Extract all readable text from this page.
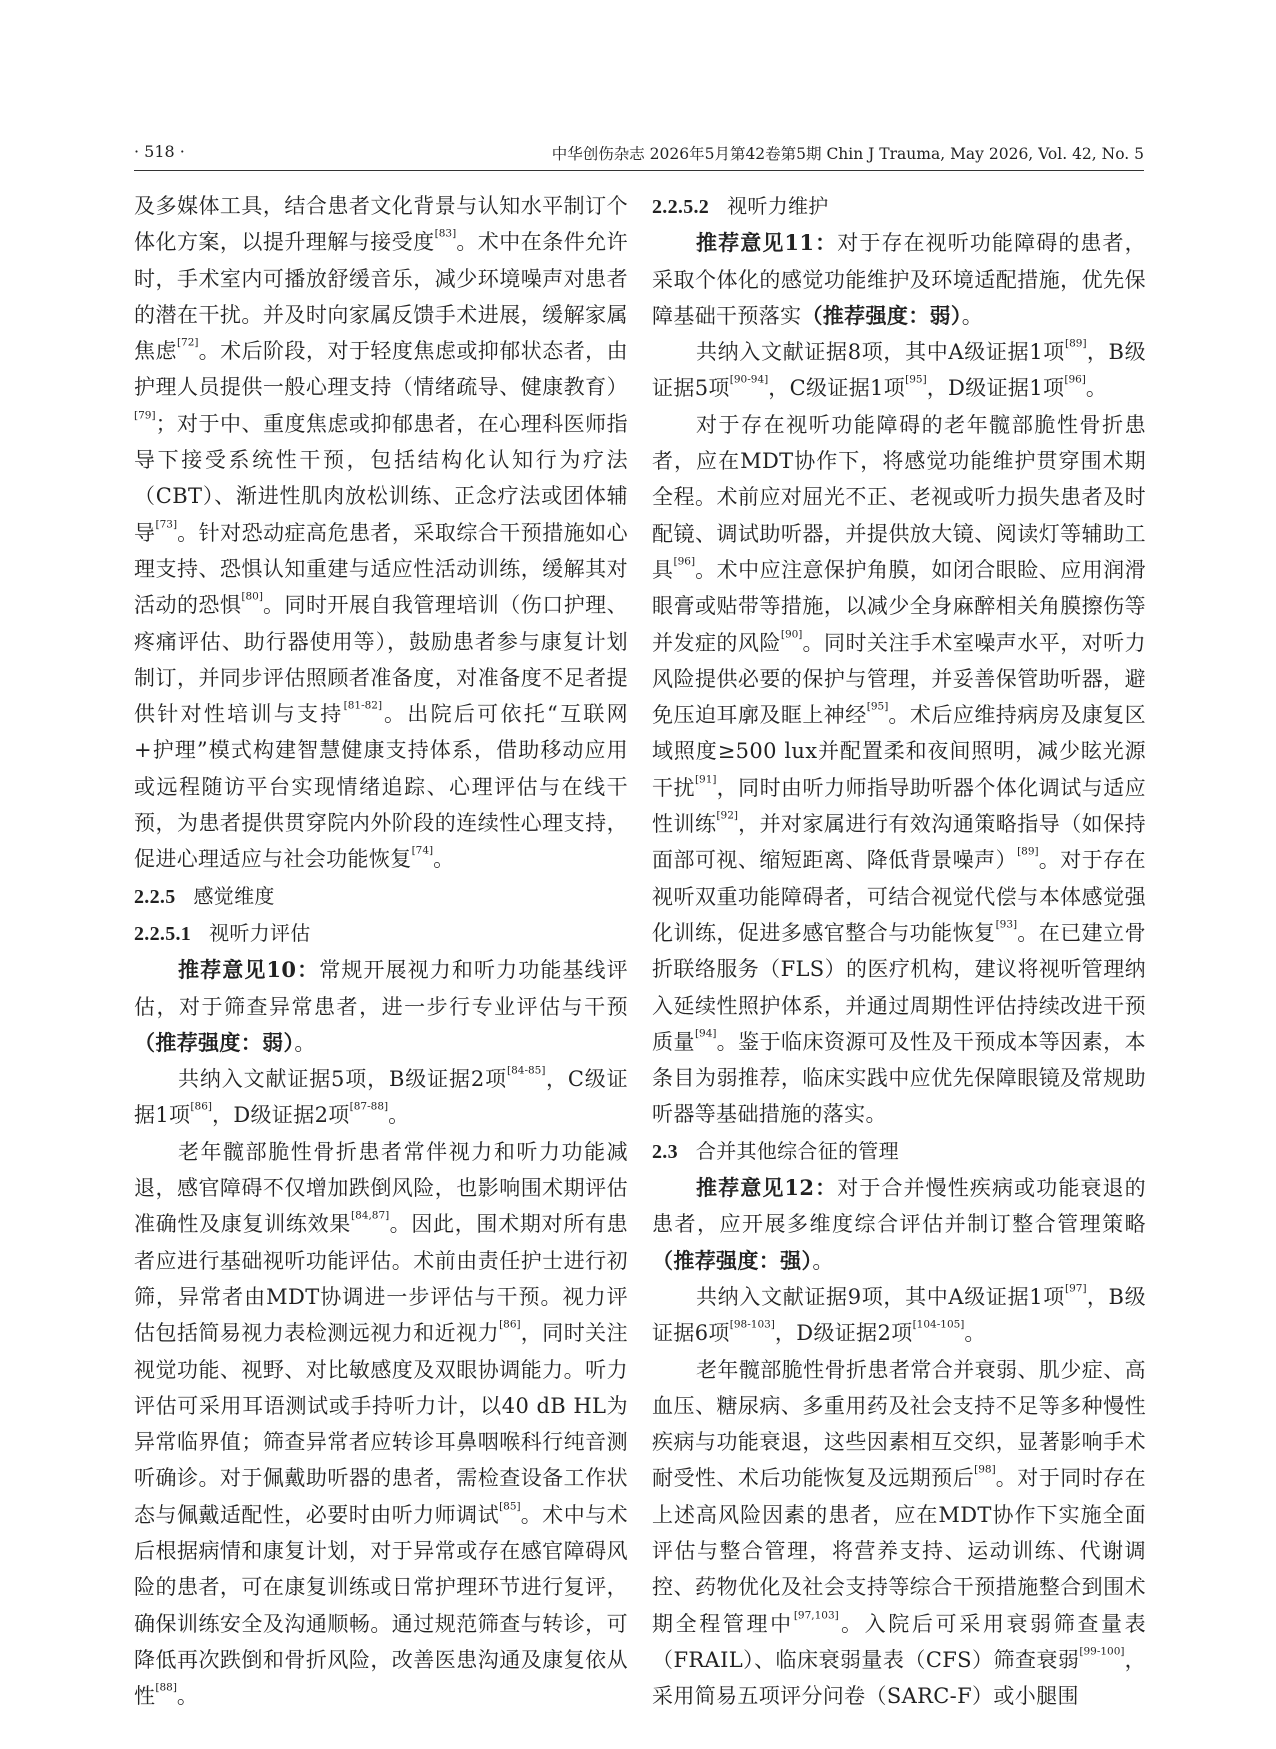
· 518 ·	中华创伤杂志 2026年5月第42卷第5期 Chin J Trauma, May 2026, Vol. 42, No. 5

及多媒体工具，结合患者文化背景与认知水平制订个体化方案，以提升理解与接受度[83]。术中在条件允许时，手术室内可播放舒缓音乐，减少环境噪声对患者的潜在干扰。并及时向家属反馈手术进展，缓解家属焦虑[72]。术后阶段，对于轻度焦虑或抑郁状态者，由护理人员提供一般心理支持（情绪疏导、健康教育）[79]；对于中、重度焦虑或抑郁患者，在心理科医师指导下接受系统性干预，包括结构化认知行为疗法（CBT）、渐进性肌肉放松训练、正念疗法或团体辅导[73]。针对恐动症高危患者，采取综合干预措施如心理支持、恐惧认知重建与适应性活动训练，缓解其对活动的恐惧[80]。同时开展自我管理培训（伤口护理、疼痛评估、助行器使用等），鼓励患者参与康复计划制订，并同步评估照顾者准备度，对准备度不足者提供针对性培训与支持[81-82]。出院后可依托“互联网+护理”模式构建智慧健康支持体系，借助移动应用或远程随访平台实现情绪追踪、心理评估与在线干预，为患者提供贯穿院内外阶段的连续性心理支持，促进心理适应与社会功能恢复[74]。

2.2.5 感觉维度
2.2.5.1 视听力评估

推荐意见10：常规开展视力和听力功能基线评估，对于筛查异常患者，进一步行专业评估与干预（推荐强度：弱）。

共纳入文献证据5项，B级证据2项[84-85]，C级证据1项[86]，D级证据2项[87-88]。

老年髋部脆性骨折患者常伴视力和听力功能减退，感官障碍不仅增加跌倒风险，也影响围术期评估准确性及康复训练效果[84,87]。因此，围术期对所有患者应进行基础视听功能评估。术前由责任护士进行初筛，异常者由MDT协调进一步评估与干预。视力评估包括简易视力表检测远视力和近视力[86]，同时关注视觉功能、视野、对比敏感度及双眼协调能力。听力评估可采用耳语测试或手持听力计，以40 dB HL为异常临界值；筛查异常者应转诊耳鼻咽喉科行纯音测听确诊。对于佩戴助听器的患者，需检查设备工作状态与佩戴适配性，必要时由听力师调试[85]。术中与术后根据病情和康复计划，对于异常或存在感官障碍风险的患者，可在康复训练或日常护理环节进行复评，确保训练安全及沟通顺畅。通过规范筛查与转诊，可降低再次跌倒和骨折风险，改善医患沟通及康复依从性[88]。

2.2.5.2 视听力维护

推荐意见11：对于存在视听功能障碍的患者，采取个体化的感觉功能维护及环境适配措施，优先保障基础干预落实（推荐强度：弱）。

共纳入文献证据8项，其中A级证据1项[89]，B级证据5项[90-94]，C级证据1项[95]，D级证据1项[96]。

对于存在视听功能障碍的老年髋部脆性骨折患者，应在MDT协作下，将感觉功能维护贯穿围术期全程。术前应对屈光不正、老视或听力损失患者及时配镜、调试助听器，并提供放大镜、阅读灯等辅助工具[96]。术中应注意保护角膜，如闭合眼睑、应用润滑眼膏或贴带等措施，以减少全身麻醉相关角膜擦伤等并发症的风险[90]。同时关注手术室噪声水平，对听力风险提供必要的保护与管理，并妥善保管助听器，避免压迫耳廓及眶上神经[95]。术后应维持病房及康复区域照度≥500 lux并配置柔和夜间照明，减少眩光源干扰[91]，同时由听力师指导助听器个体化调试与适应性训练[92]，并对家属进行有效沟通策略指导（如保持面部可视、缩短距离、降低背景噪声）[89]。对于存在视听双重功能障碍者，可结合视觉代偿与本体感觉强化训练，促进多感官整合与功能恢复[93]。在已建立骨折联络服务（FLS）的医疗机构，建议将视听管理纳入延续性照护体系，并通过周期性评估持续改进干预质量[94]。鉴于临床资源可及性及干预成本等因素，本条目为弱推荐，临床实践中应优先保障眼镜及常规助听器等基础措施的落实。

2.3 合并其他综合征的管理

推荐意见12：对于合并慢性疾病或功能衰退的患者，应开展多维度综合评估并制订整合管理策略（推荐强度：强）。

共纳入文献证据9项，其中A级证据1项[97]，B级证据6项[98-103]，D级证据2项[104-105]。

老年髋部脆性骨折患者常合并衰弱、肌少症、高血压、糖尿病、多重用药及社会支持不足等多种慢性疾病与功能衰退，这些因素相互交织，显著影响手术耐受性、术后功能恢复及远期预后[98]。对于同时存在上述高风险因素的患者，应在MDT协作下实施全面评估与整合管理，将营养支持、运动训练、代谢调控、药物优化及社会支持等综合干预措施整合到围术期全程管理中[97,103]。入院后可采用衰弱筛查量表（FRAIL）、临床衰弱量表（CFS）筛查衰弱[99-100]，采用简易五项评分问卷（SARC-F）或小腿围
